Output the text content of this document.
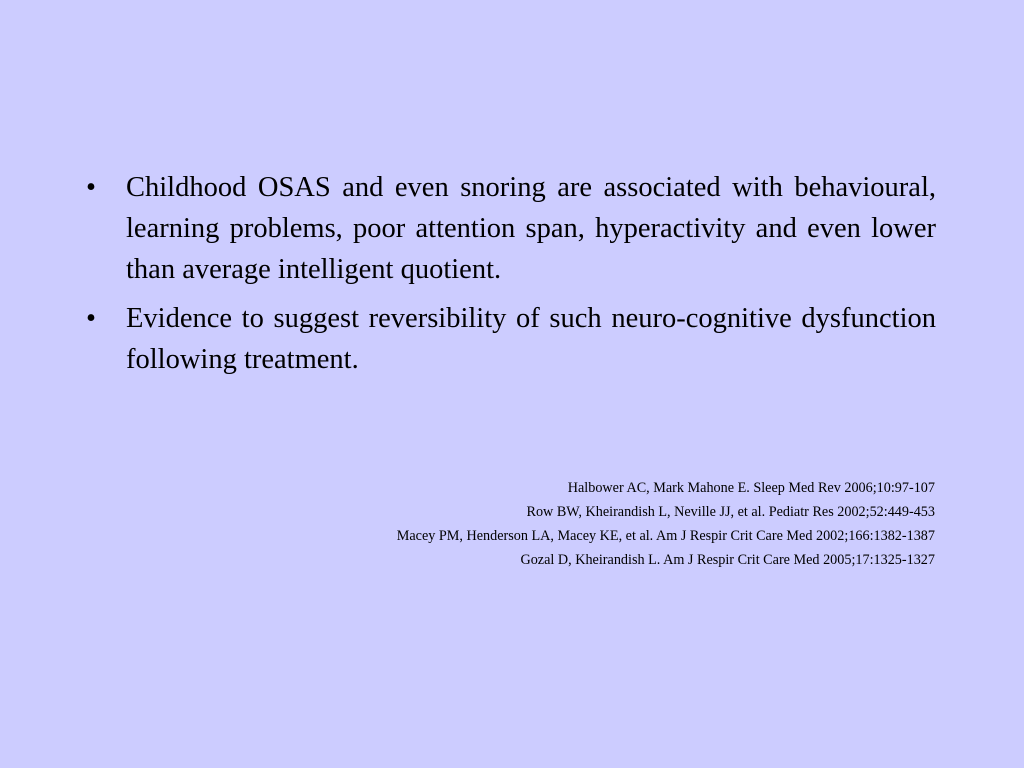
•	Childhood OSAS and even snoring are associated with behavioural, learning problems, poor attention span, hyperactivity and even lower than average intelligent quotient.
•	Evidence to suggest reversibility of such neuro-cognitive dysfunction following treatment.
Halbower AC, Mark Mahone E. Sleep Med Rev 2006;10:97-107
Row BW, Kheirandish L, Neville JJ, et al. Pediatr Res 2002;52:449-453
Macey PM, Henderson LA, Macey KE, et al. Am J Respir Crit Care Med 2002;166:1382-1387
Gozal D, Kheirandish L. Am J Respir Crit Care Med 2005;17:1325-1327
